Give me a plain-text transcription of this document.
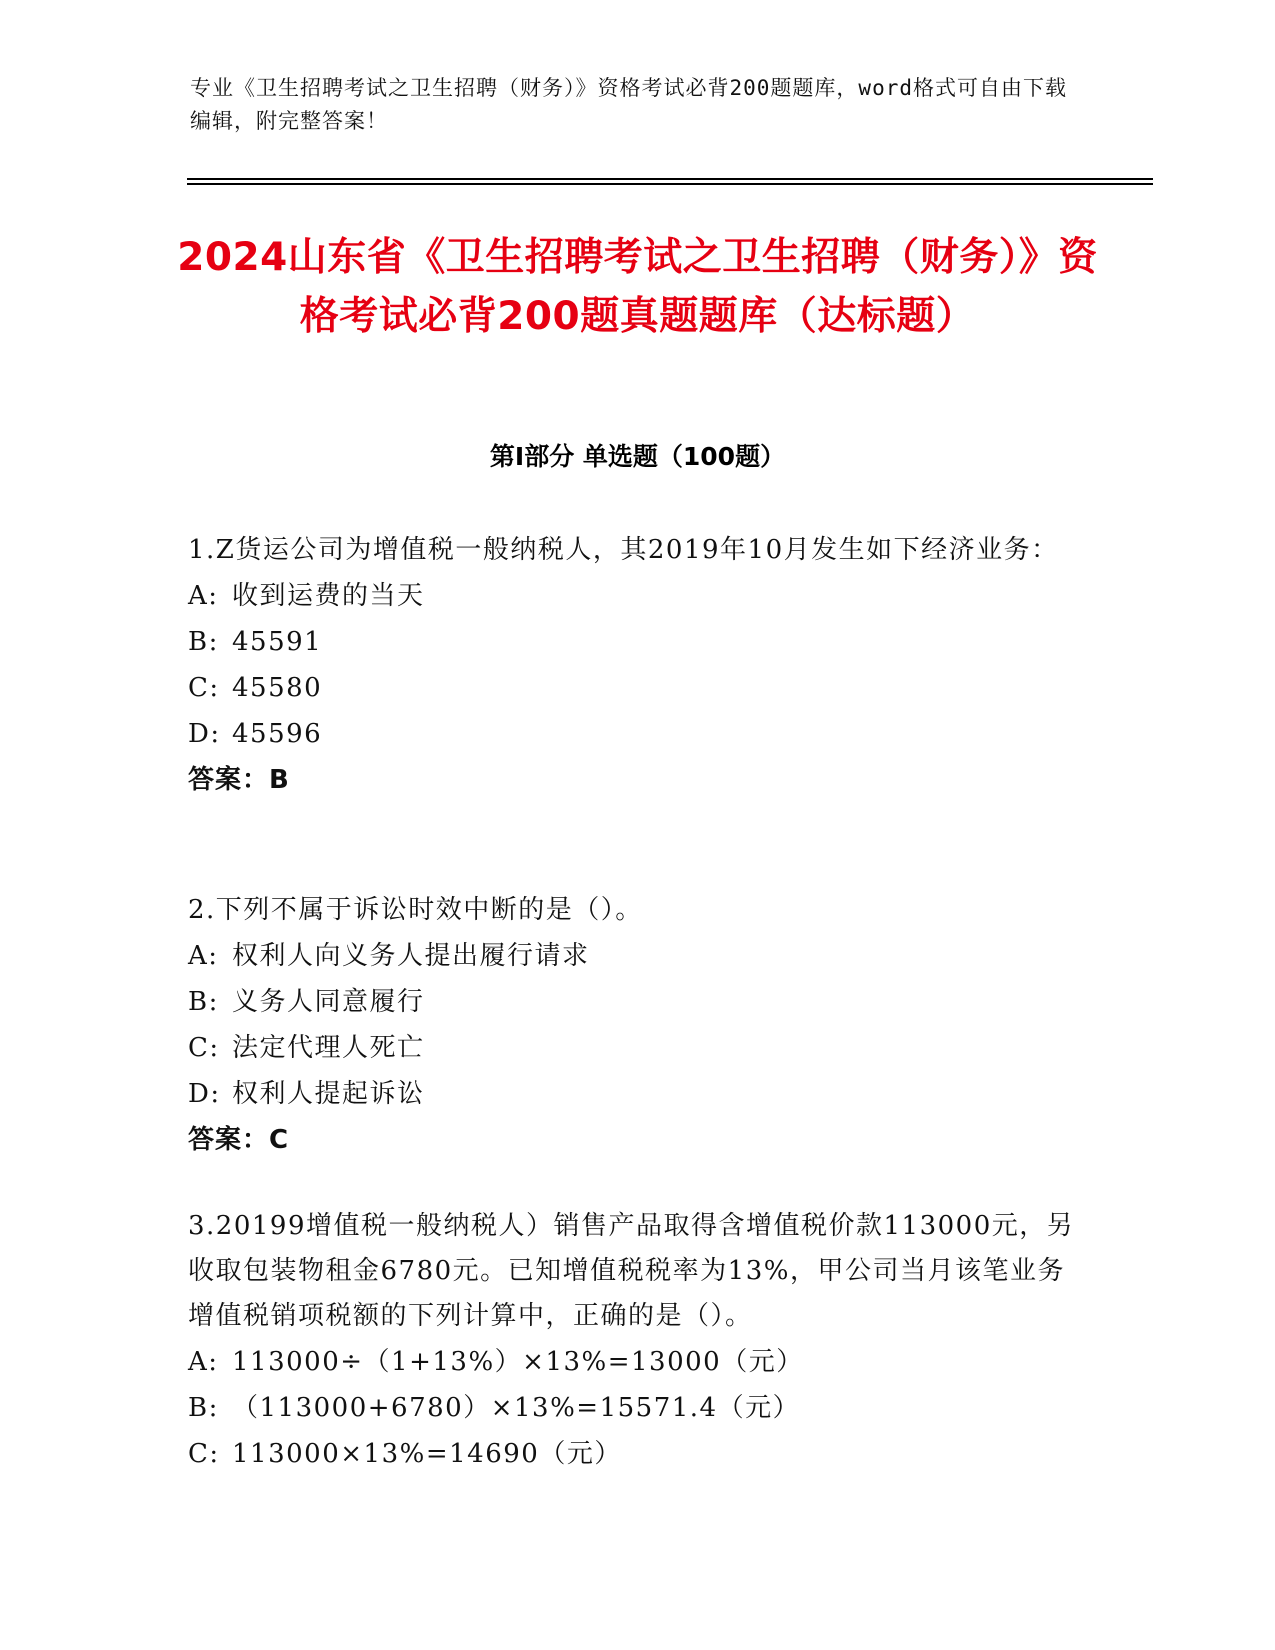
专业《卫生招聘考试之卫生招聘（财务）》资格考试必背200题题库，word格式可自由下载编辑，附完整答案！
2024山东省《卫生招聘考试之卫生招聘（财务）》资格考试必背200题真题题库（达标题）
第I部分 单选题（100题）
1.Z货运公司为增值税一般纳税人，其2019年10月发生如下经济业务：
A: 收到运费的当天
B: 45591
C: 45580
D: 45596
答案：B
2.下列不属于诉讼时效中断的是（）。
A: 权利人向义务人提出履行请求
B: 义务人同意履行
C: 法定代理人死亡
D: 权利人提起诉讼
答案：C
3.20199增值税一般纳税人）销售产品取得含增值税价款113000元，另收取包装物租金6780元。已知增值税税率为13%，甲公司当月该笔业务增值税销项税额的下列计算中，正确的是（）。
A: 113000÷（1+13%）×13%=13000（元）
B: （113000+6780）×13%=15571.4（元）
C: 113000×13%=14690（元）
